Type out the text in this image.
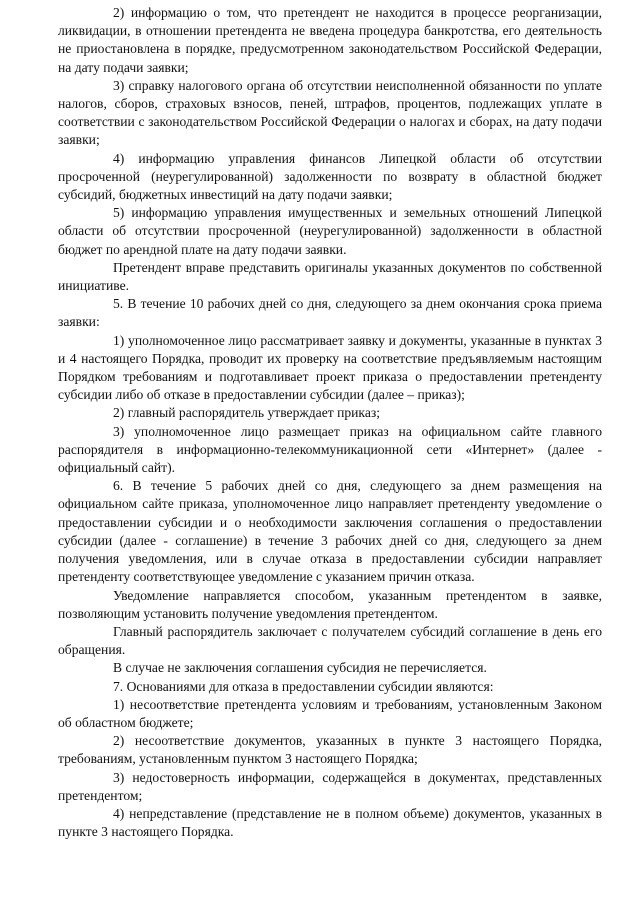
2) информацию о том, что претендент не находится в процессе реорганизации, ликвидации, в отношении претендента не введена процедура банкротства, его деятельность не приостановлена в порядке, предусмотренном законодательством Российской Федерации, на дату подачи заявки;

3) справку налогового органа об отсутствии неисполненной обязанности по уплате налогов, сборов, страховых взносов, пеней, штрафов, процентов, подлежащих уплате в соответствии с законодательством Российской Федерации о налогах и сборах, на дату подачи заявки;

4) информацию управления финансов Липецкой области об отсутствии просроченной (неурегулированной) задолженности по возврату в областной бюджет субсидий, бюджетных инвестиций на дату подачи заявки;

5) информацию управления имущественных и земельных отношений Липецкой области об отсутствии просроченной (неурегулированной) задолженности в областной бюджет по арендной плате на дату подачи заявки.

Претендент вправе представить оригиналы указанных документов по собственной инициативе.

5. В течение 10 рабочих дней со дня, следующего за днем окончания срока приема заявки:

1) уполномоченное лицо рассматривает заявку и документы, указанные в пунктах 3 и 4 настоящего Порядка, проводит их проверку на соответствие предъявляемым настоящим Порядком требованиям и подготавливает проект приказа о предоставлении претенденту субсидии либо об отказе в предоставлении субсидии (далее – приказ);

2) главный распорядитель утверждает приказ;

3) уполномоченное лицо размещает приказ на официальном сайте главного распорядителя в информационно-телекоммуникационной сети «Интернет» (далее - официальный сайт).

6. В течение 5 рабочих дней со дня, следующего за днем размещения на официальном сайте приказа, уполномоченное лицо направляет претенденту уведомление о предоставлении субсидии и о необходимости заключения соглашения о предоставлении субсидии (далее - соглашение) в течение 3 рабочих дней со дня, следующего за днем получения уведомления, или в случае отказа в предоставлении субсидии направляет претенденту соответствующее уведомление с указанием причин отказа.

Уведомление направляется способом, указанным претендентом в заявке, позволяющим установить получение уведомления претендентом.

Главный распорядитель заключает с получателем субсидий соглашение в день его обращения.

В случае не заключения соглашения субсидия не перечисляется.

7. Основаниями для отказа в предоставлении субсидии являются:

1) несоответствие претендента условиям и требованиям, установленным Законом об областном бюджете;

2) несоответствие документов, указанных в пункте 3 настоящего Порядка, требованиям, установленным пунктом 3 настоящего Порядка;

3) недостоверность информации, содержащейся в документах, представленных претендентом;

4) непредставление (представление не в полном объеме) документов, указанных в пункте 3 настоящего Порядка.
